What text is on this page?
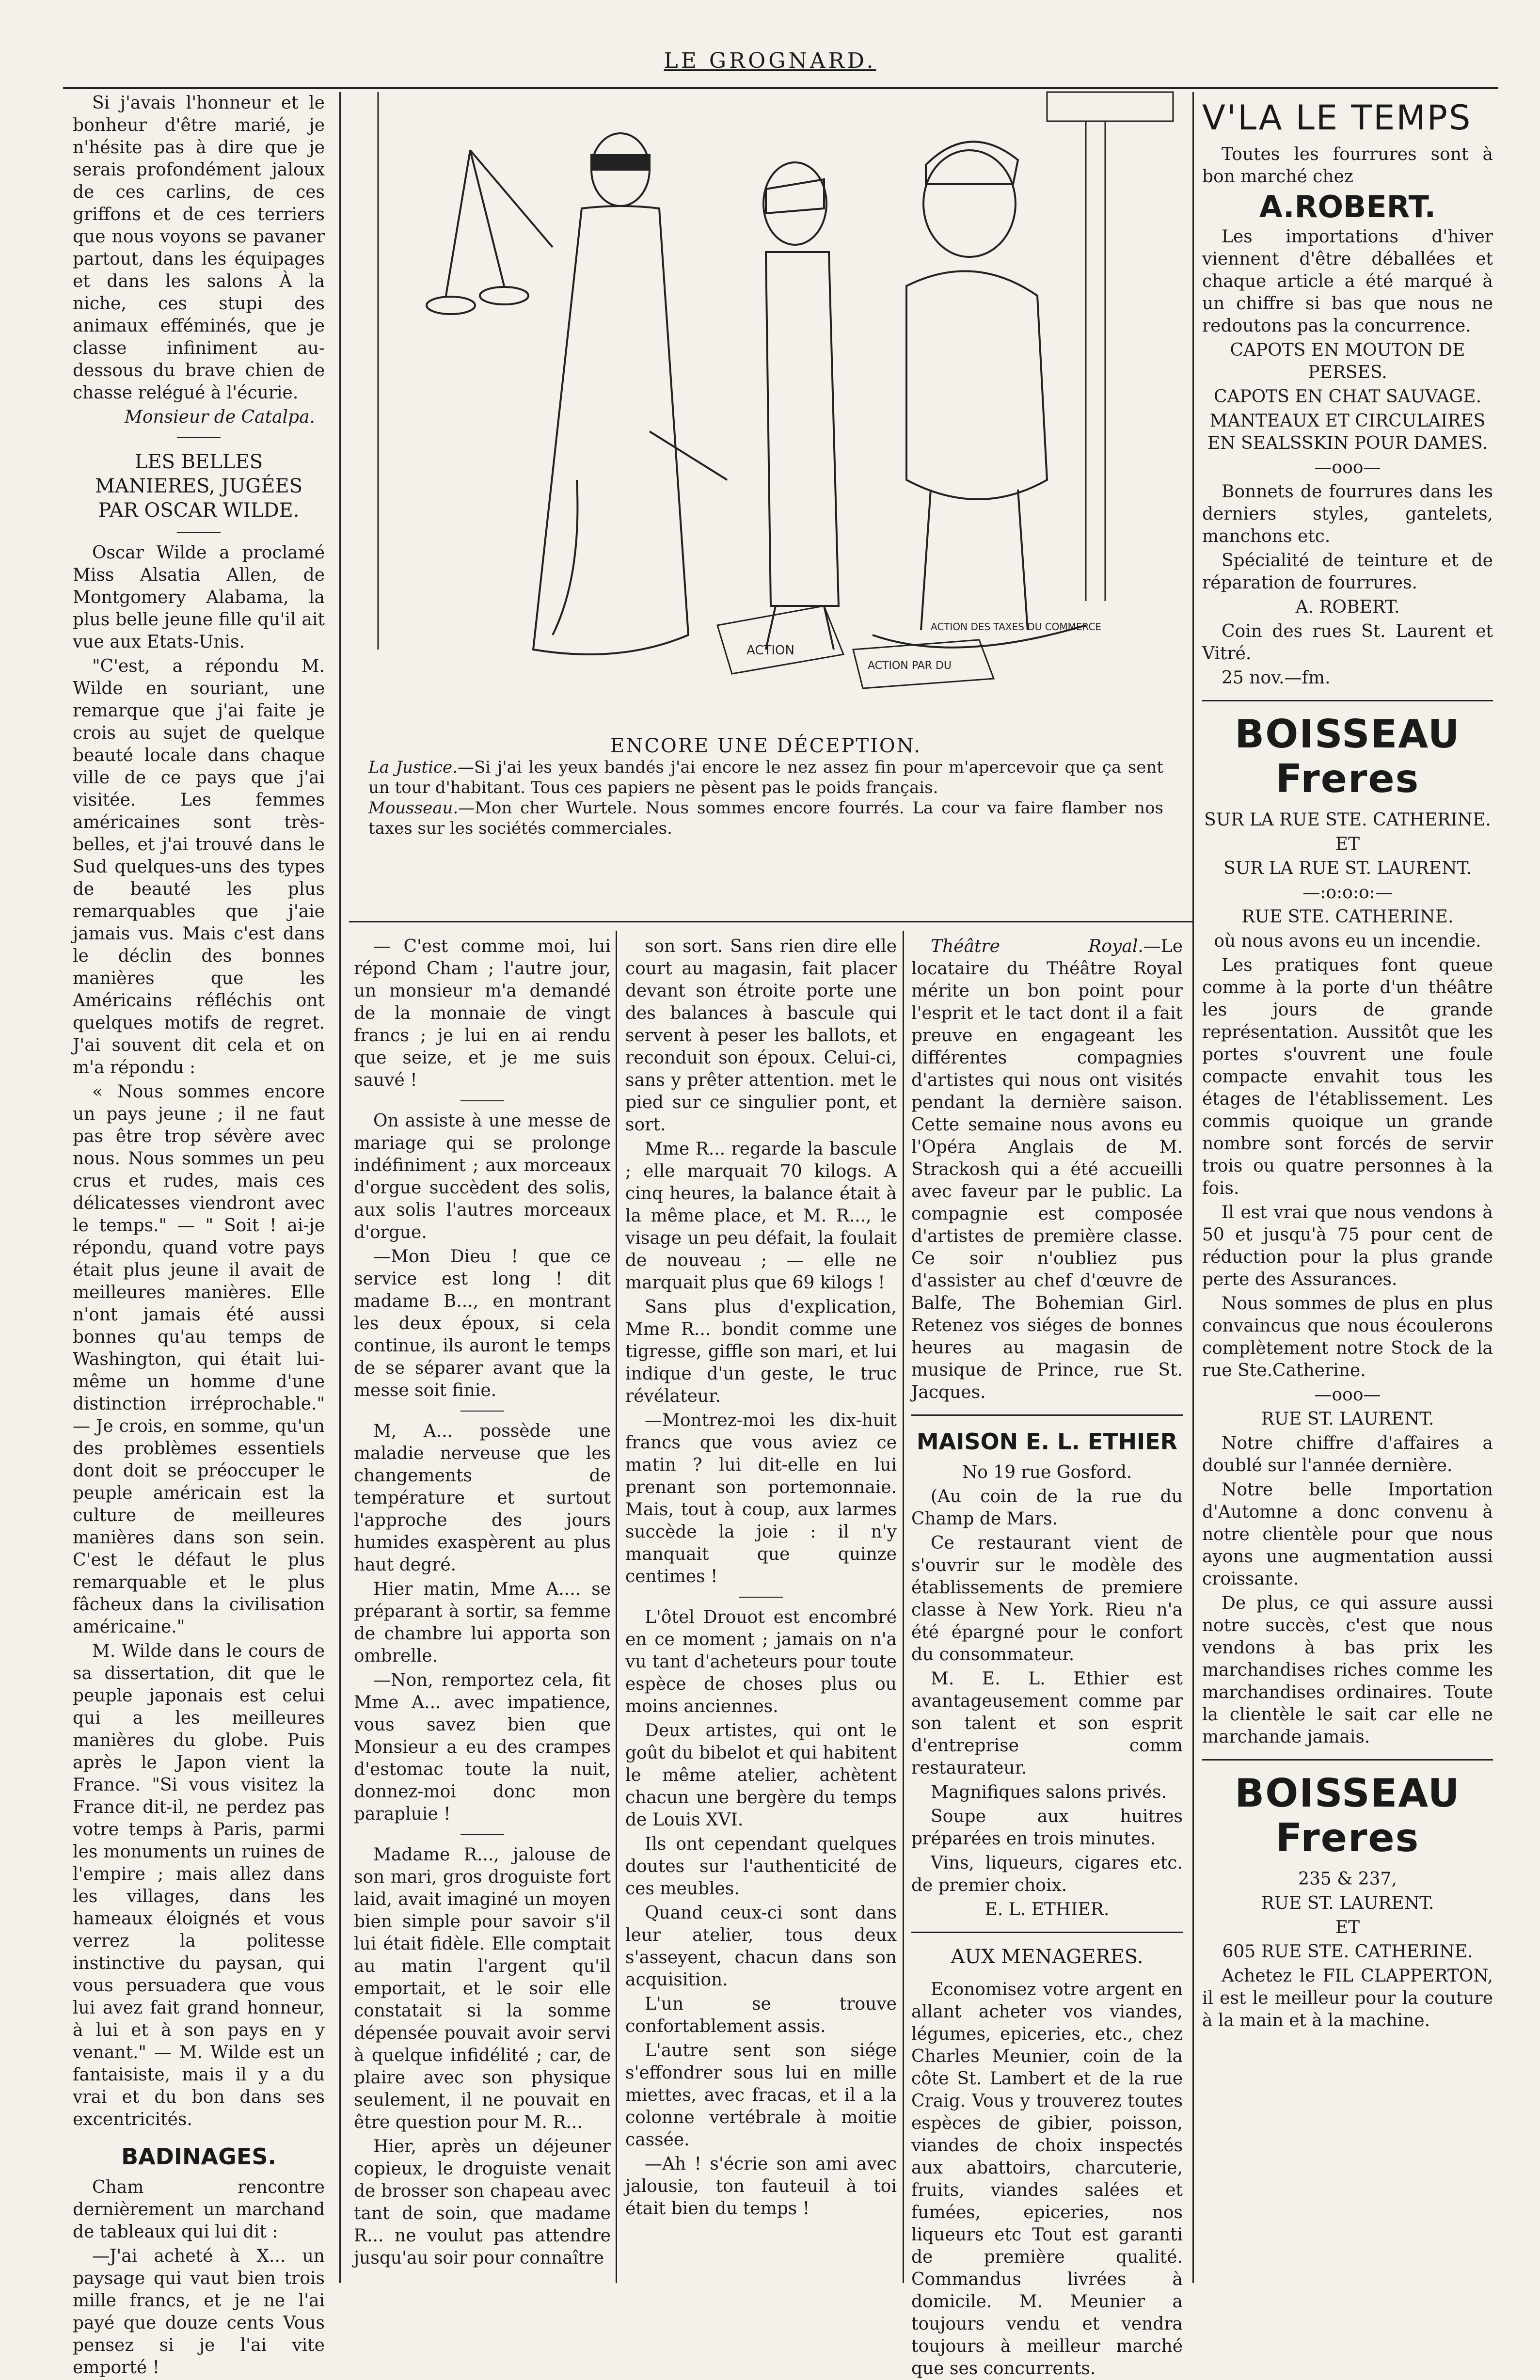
LE GROGNARD.

Si j'avais l'honneur et le bonheur d'être marié, je n'hésite pas à dire que je serais profondément jaloux de ces carlins, de ces griffons et de ces terriers que nous voyons se pavaner partout, dans les équipages et dans les salons À la niche, ces stupi des animaux efféminés, que je classe infiniment au-dessous du brave chien de chasse relégué à l'écurie.

Monsieur de Catalpa.
LES BELLES MANIERES, JUGÉES PAR OSCAR WILDE.

Oscar Wilde a proclamé Miss Alsatia Allen, de Montgomery Alabama, la plus belle jeune fille qu'il ait vue aux Etats-Unis.

"C'est, a répondu M. Wilde en souriant, une remarque que j'ai faite je crois au sujet de quelque beauté locale dans chaque ville de ce pays que j'ai visitée. Les femmes américaines sont très-belles, et j'ai trouvé dans le Sud quelques-uns des types de beauté les plus remarquables que j'aie jamais vus. Mais c'est dans le déclin des bonnes manières que les Américains réfléchis ont quelques motifs de regret. J'ai souvent dit cela et on m'a répondu :

« Nous sommes encore un pays jeune ; il ne faut pas être trop sévère avec nous. Nous sommes un peu crus et rudes, mais ces délicatesses viendront avec le temps." — " Soit ! ai-je répondu, quand votre pays était plus jeune il avait de meilleures manières. Elle n'ont jamais été aussi bonnes qu'au temps de Washington, qui était lui-même un homme d'une distinction irréprochable." — Je crois, en somme, qu'un des problèmes essentiels dont doit se préoccuper le peuple américain est la culture de meilleures manières dans son sein. C'est le défaut le plus remarquable et le plus fâcheux dans la civilisation américaine."

M. Wilde dans le cours de sa dissertation, dit que le peuple japonais est celui qui a les meilleures manières du globe. Puis après le Japon vient la France. "Si vous visitez la France dit-il, ne perdez pas votre temps à Paris, parmi les monuments un ruines de l'empire ; mais allez dans les villages, dans les hameaux éloignés et vous verrez la politesse instinctive du paysan, qui vous persuadera que vous lui avez fait grand honneur, à lui et à son pays en y venant." — M. Wilde est un fantaisiste, mais il y a du vrai et du bon dans ses excentricités.

BADINAGES.

Cham rencontre dernièrement un marchand de tableaux qui lui dit :

—J'ai acheté à X... un paysage qui vaut bien trois mille francs, et je ne l'ai payé que douze cents Vous pensez si je l'ai vite emporté !

ACTION
ACTION PAR DU
ACTION DES TAXES DU COMMERCE
ENCORE UNE DÉCEPTION.
La Justice.—Si j'ai les yeux bandés j'ai encore le nez assez fin pour m'apercevoir que ça sent un tour d'habitant. Tous ces papiers ne pèsent pas le poids français.
Mousseau.—Mon cher Wurtele. Nous sommes encore fourrés. La cour va faire flamber nos taxes sur les sociétés commerciales.

— C'est comme moi, lui répond Cham ; l'autre jour, un monsieur m'a demandé de la monnaie de vingt francs ; je lui en ai rendu que seize, et je me suis sauvé !

On assiste à une messe de mariage qui se prolonge indéfiniment ; aux morceaux d'orgue succèdent des solis, aux solis l'autres morceaux d'orgue.

—Mon Dieu ! que ce service est long ! dit madame B..., en montrant les deux époux, si cela continue, ils auront le temps de se séparer avant que la messe soit finie.

M, A... possède une maladie nerveuse que les changements de température et surtout l'approche des jours humides exaspèrent au plus haut degré.

Hier matin, Mme A.... se préparant à sortir, sa femme de chambre lui apporta son ombrelle.

—Non, remportez cela, fit Mme A... avec impatience, vous savez bien que Monsieur a eu des crampes d'estomac toute la nuit, donnez-moi donc mon parapluie !

Madame R..., jalouse de son mari, gros droguiste fort laid, avait imaginé un moyen bien simple pour savoir s'il lui était fidèle. Elle comptait au matin l'argent qu'il emportait, et le soir elle constatait si la somme dépensée pouvait avoir servi à quelque infidélité ; car, de plaire avec son physique seulement, il ne pouvait en être question pour M. R...

Hier, après un déjeuner copieux, le droguiste venait de brosser son chapeau avec tant de soin, que madame R... ne voulut pas attendre jusqu'au soir pour connaître

son sort. Sans rien dire elle court au magasin, fait placer devant son étroite porte une des balances à bascule qui servent à peser les ballots, et reconduit son époux. Celui-ci, sans y prêter attention. met le pied sur ce singulier pont, et sort.

Mme R... regarde la bascule ; elle marquait 70 kilogs. A cinq heures, la balance était à la même place, et M. R..., le visage un peu défait, la foulait de nouveau ; — elle ne marquait plus que 69 kilogs !

Sans plus d'explication, Mme R... bondit comme une tigresse, giffle son mari, et lui indique d'un geste, le truc révélateur.

—Montrez-moi les dix-huit francs que vous aviez ce matin ? lui dit-elle en lui prenant son portemonnaie. Mais, tout à coup, aux larmes succède la joie : il n'y manquait que quinze centimes !

L'ôtel Drouot est encombré en ce moment ; jamais on n'a vu tant d'acheteurs pour toute espèce de choses plus ou moins anciennes.

Deux artistes, qui ont le goût du bibelot et qui habitent le même atelier, achètent chacun une bergère du temps de Louis XVI.

Ils ont cependant quelques doutes sur l'authenticité de ces meubles.

Quand ceux-ci sont dans leur atelier, tous deux s'asseyent, chacun dans son acquisition.

L'un se trouve confortablement assis.

L'autre sent son siége s'effondrer sous lui en mille miettes, avec fracas, et il a la colonne vertébrale à moitie cassée.

—Ah ! s'écrie son ami avec jalousie, ton fauteuil à toi était bien du temps !

Théâtre Royal.—Le locataire du Théâtre Royal mérite un bon point pour l'esprit et le tact dont il a fait preuve en engageant les différentes compagnies d'artistes qui nous ont visités pendant la dernière saison. Cette semaine nous avons eu l'Opéra Anglais de M. Strackosh qui a été accueilli avec faveur par le public. La compagnie est composée d'artistes de première classe. Ce soir n'oubliez pus d'assister au chef d'œuvre de Balfe, The Bohemian Girl. Retenez vos siéges de bonnes heures au magasin de musique de Prince, rue St. Jacques.

MAISON E. L. ETHIER

No 19 rue Gosford.

(Au coin de la rue du Champ de Mars.

Ce restaurant vient de s'ouvrir sur le modèle des établissements de premiere classe à New York. Rieu n'a été épargné pour le confort du consommateur.

M. E. L. Ethier est avantageusement comme par son talent et son esprit d'entreprise comm restaurateur.

Magnifiques salons privés.

Soupe aux huitres préparées en trois minutes.

Vins, liqueurs, cigares etc. de premier choix.

E. L. ETHIER.

AUX MENAGERES.

Economisez votre argent en allant acheter vos viandes, légumes, epiceries, etc., chez Charles Meunier, coin de la côte St. Lambert et de la rue Craig. Vous y trouverez toutes espèces de gibier, poisson, viandes de choix inspectés aux abattoirs, charcuterie, fruits, viandes salées et fumées, epiceries, nos liqueurs etc Tout est garanti de première qualité. Commandus livrées à domicile. M. Meunier a toujours vendu et vendra toujours à meilleur marché que ses concurrents.

V'LA LE TEMPS

Toutes les fourrures sont à bon marché chez

A.ROBERT.

Les importations d'hiver viennent d'être déballées et chaque article a été marqué à un chiffre si bas que nous ne redoutons pas la concurrence.

CAPOTS EN MOUTON DE PERSES.

CAPOTS EN CHAT SAUVAGE.

MANTEAUX ET CIRCULAIRES EN SEALSSKIN POUR DAMES.

—ooo—

Bonnets de fourrures dans les derniers styles, gantelets, manchons etc.

Spécialité de teinture et de réparation de fourrures.

A. ROBERT.

Coin des rues St. Laurent et Vitré.

25 nov.—fm.

BOISSEAU Freres

SUR LA RUE STE. CATHERINE.

ET

SUR LA RUE ST. LAURENT.

—:o:o:o:—

RUE STE. CATHERINE.

où nous avons eu un incendie.

Les pratiques font queue comme à la porte d'un théâtre les jours de grande représentation. Aussitôt que les portes s'ouvrent une foule compacte envahit tous les étages de l'établissement. Les commis quoique un grande nombre sont forcés de servir trois ou quatre personnes à la fois.

Il est vrai que nous vendons à 50 et jusqu'à 75 pour cent de réduction pour la plus grande perte des Assurances.

Nous sommes de plus en plus convaincus que nous écoulerons complètement notre Stock de la rue Ste.Catherine.

—ooo—

RUE ST. LAURENT.

Notre chiffre d'affaires a doublé sur l'année dernière.

Notre belle Importation d'Automne a donc convenu à notre clientèle pour que nous ayons une augmentation aussi croissante.

De plus, ce qui assure aussi notre succès, c'est que nous vendons à bas prix les marchandises riches comme les marchandises ordinaires. Toute la clientèle le sait car elle ne marchande jamais.

BOISSEAU Freres

235 & 237,

RUE ST. LAURENT.

ET

605 RUE STE. CATHERINE.

Achetez le FIL CLAPPERTON, il est le meilleur pour la couture à la main et à la machine.
